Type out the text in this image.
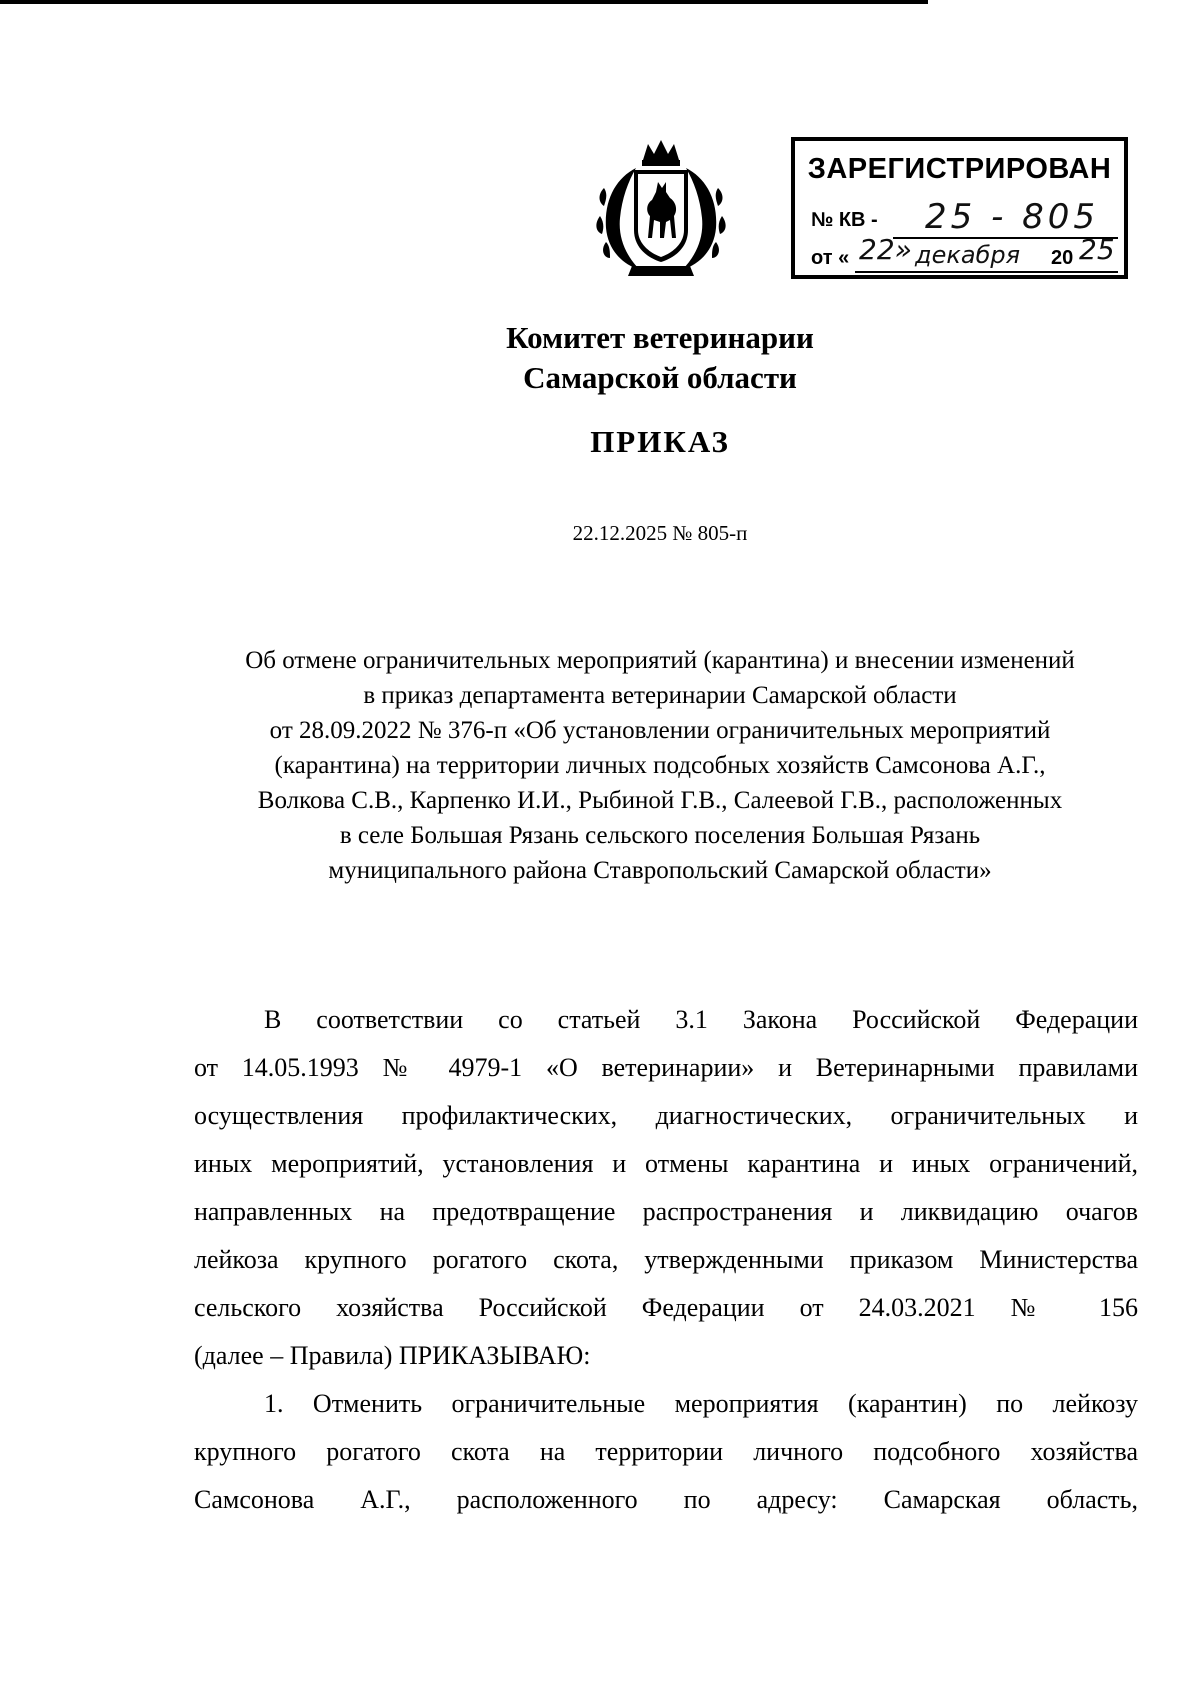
ЗАРЕГИСТРИРОВАН
№ КВ - 25 - 805
от « 22» декабря 20 25
Комитет ветеринарии
Самарской области
ПРИКАЗ
22.12.2025 № 805-п
Об отмене ограничительных мероприятий (карантина) и внесении изменений
в приказ департамента ветеринарии Самарской области
от 28.09.2022 № 376-п «Об установлении ограничительных мероприятий
(карантина) на территории личных подсобных хозяйств Самсонова А.Г.,
Волкова С.В., Карпенко И.И., Рыбиной Г.В., Салеевой Г.В., расположенных
в селе Большая Рязань сельского поселения Большая Рязань
муниципального района Ставропольский Самарской области»
В соответствии со статьей 3.1 Закона Российской Федерации
от 14.05.1993 № 4979-1 «О ветеринарии» и Ветеринарными правилами
осуществления профилактических, диагностических, ограничительных и
иных мероприятий, установления и отмены карантина и иных ограничений,
направленных на предотвращение распространения и ликвидацию очагов
лейкоза крупного рогатого скота, утвержденными приказом Министерства
сельского хозяйства Российской Федерации от 24.03.2021 № 156
(далее – Правила) ПРИКАЗЫВАЮ:
1. Отменить ограничительные мероприятия (карантин) по лейкозу
крупного рогатого скота на территории личного подсобного хозяйства
Самсонова А.Г., расположенного по адресу: Самарская область,
